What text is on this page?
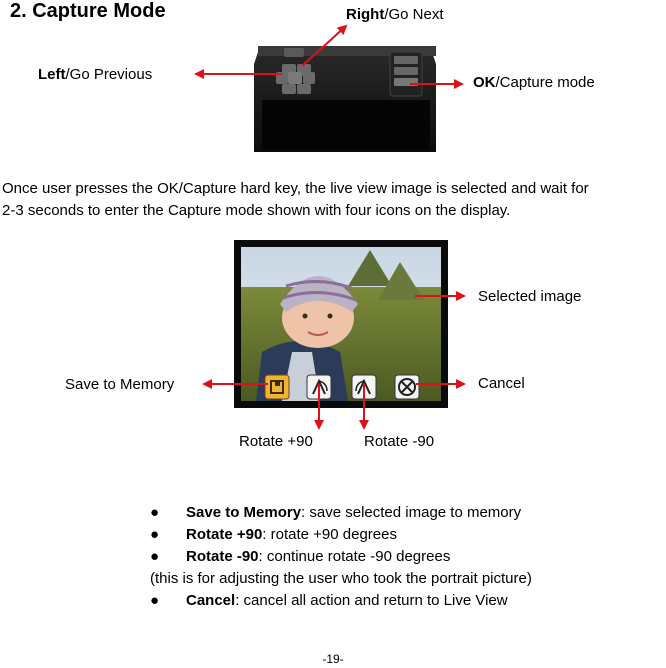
2. Capture Mode	Right/Go Next
Left/Go Previous	OK/Capture mode
Once user presses the OK/Capture hard key, the live view image is selected and wait for
2-3 seconds to enter the Capture mode shown with four icons on the display.
Selected image
Save to Memory	Cancel
Rotate +90	Rotate -90
● Save to Memory: save selected image to memory
● Rotate +90: rotate +90 degrees
● Rotate -90: continue rotate -90 degrees
(this is for adjusting the user who took the portrait picture)
● Cancel: cancel all action and return to Live View
-19-
